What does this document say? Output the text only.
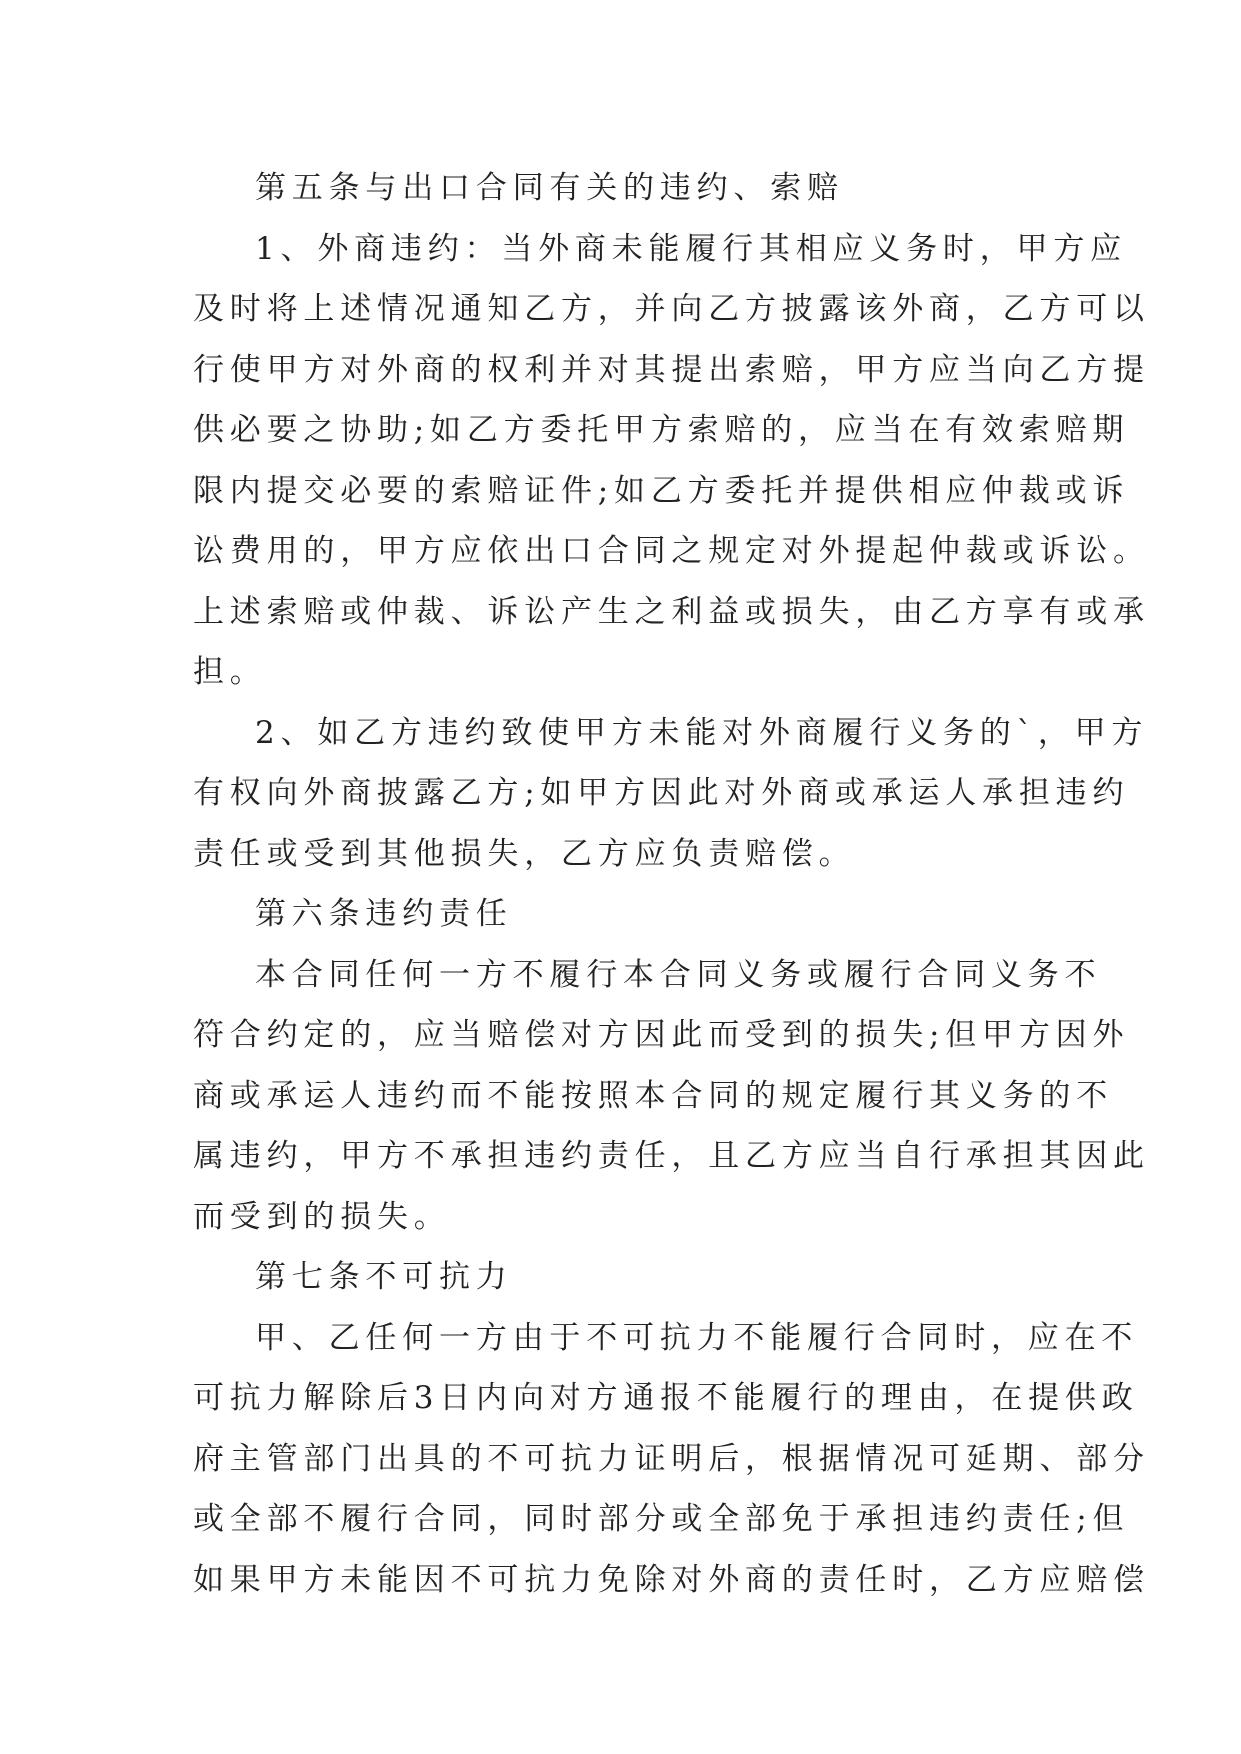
第五条与出口合同有关的违约、索赔
1、外商违约：当外商未能履行其相应义务时，甲方应
及时将上述情况通知乙方，并向乙方披露该外商，乙方可以
行使甲方对外商的权利并对其提出索赔，甲方应当向乙方提
供必要之协助;如乙方委托甲方索赔的，应当在有效索赔期
限内提交必要的索赔证件;如乙方委托并提供相应仲裁或诉
讼费用的，甲方应依出口合同之规定对外提起仲裁或诉讼。
上述索赔或仲裁、诉讼产生之利益或损失，由乙方享有或承
担。
2、如乙方违约致使甲方未能对外商履行义务的`，甲方
有权向外商披露乙方;如甲方因此对外商或承运人承担违约
责任或受到其他损失，乙方应负责赔偿。
第六条违约责任
本合同任何一方不履行本合同义务或履行合同义务不
符合约定的，应当赔偿对方因此而受到的损失;但甲方因外
商或承运人违约而不能按照本合同的规定履行其义务的不
属违约，甲方不承担违约责任，且乙方应当自行承担其因此
而受到的损失。
第七条不可抗力
甲、乙任何一方由于不可抗力不能履行合同时，应在不
可抗力解除后3日内向对方通报不能履行的理由，在提供政
府主管部门出具的不可抗力证明后，根据情况可延期、部分
或全部不履行合同，同时部分或全部免于承担违约责任;但
如果甲方未能因不可抗力免除对外商的责任时，乙方应赔偿
